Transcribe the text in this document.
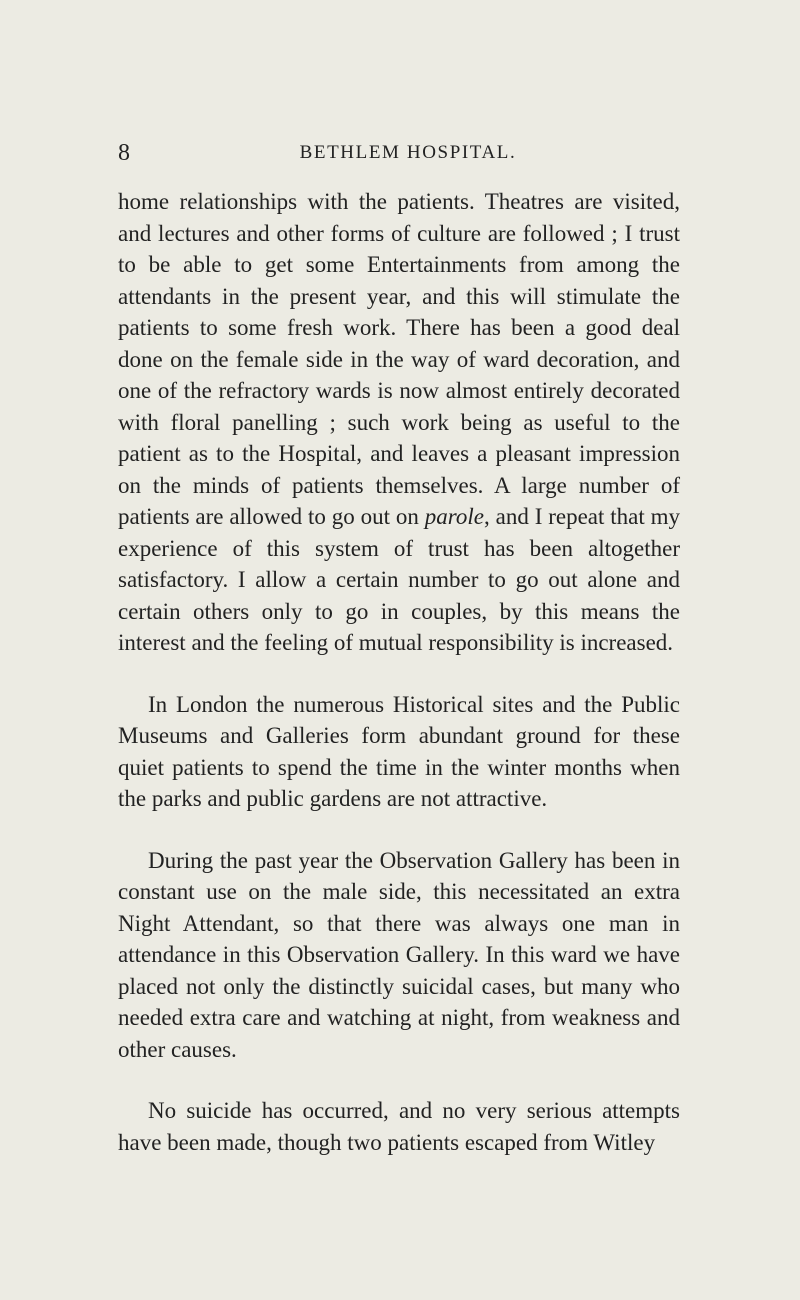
8	BETHLEM HOSPITAL.

home relationships with the patients. Theatres are visited, and lectures and other forms of culture are followed ; I trust to be able to get some Entertainments from among the attendants in the present year, and this will stimulate the patients to some fresh work. There has been a good deal done on the female side in the way of ward decoration, and one of the refractory wards is now almost entirely decorated with floral panelling ; such work being as useful to the patient as to the Hospital, and leaves a pleasant impression on the minds of patients themselves. A large number of patients are allowed to go out on parole, and I repeat that my experience of this system of trust has been altogether satisfactory. I allow a certain number to go out alone and certain others only to go in couples, by this means the interest and the feeling of mutual responsibility is increased.

In London the numerous Historical sites and the Public Museums and Galleries form abundant ground for these quiet patients to spend the time in the winter months when the parks and public gardens are not attractive.

During the past year the Observation Gallery has been in constant use on the male side, this necessitated an extra Night Attendant, so that there was always one man in attendance in this Observation Gallery. In this ward we have placed not only the distinctly suicidal cases, but many who needed extra care and watching at night, from weakness and other causes.

No suicide has occurred, and no very serious attempts have been made, though two patients escaped from Witley
